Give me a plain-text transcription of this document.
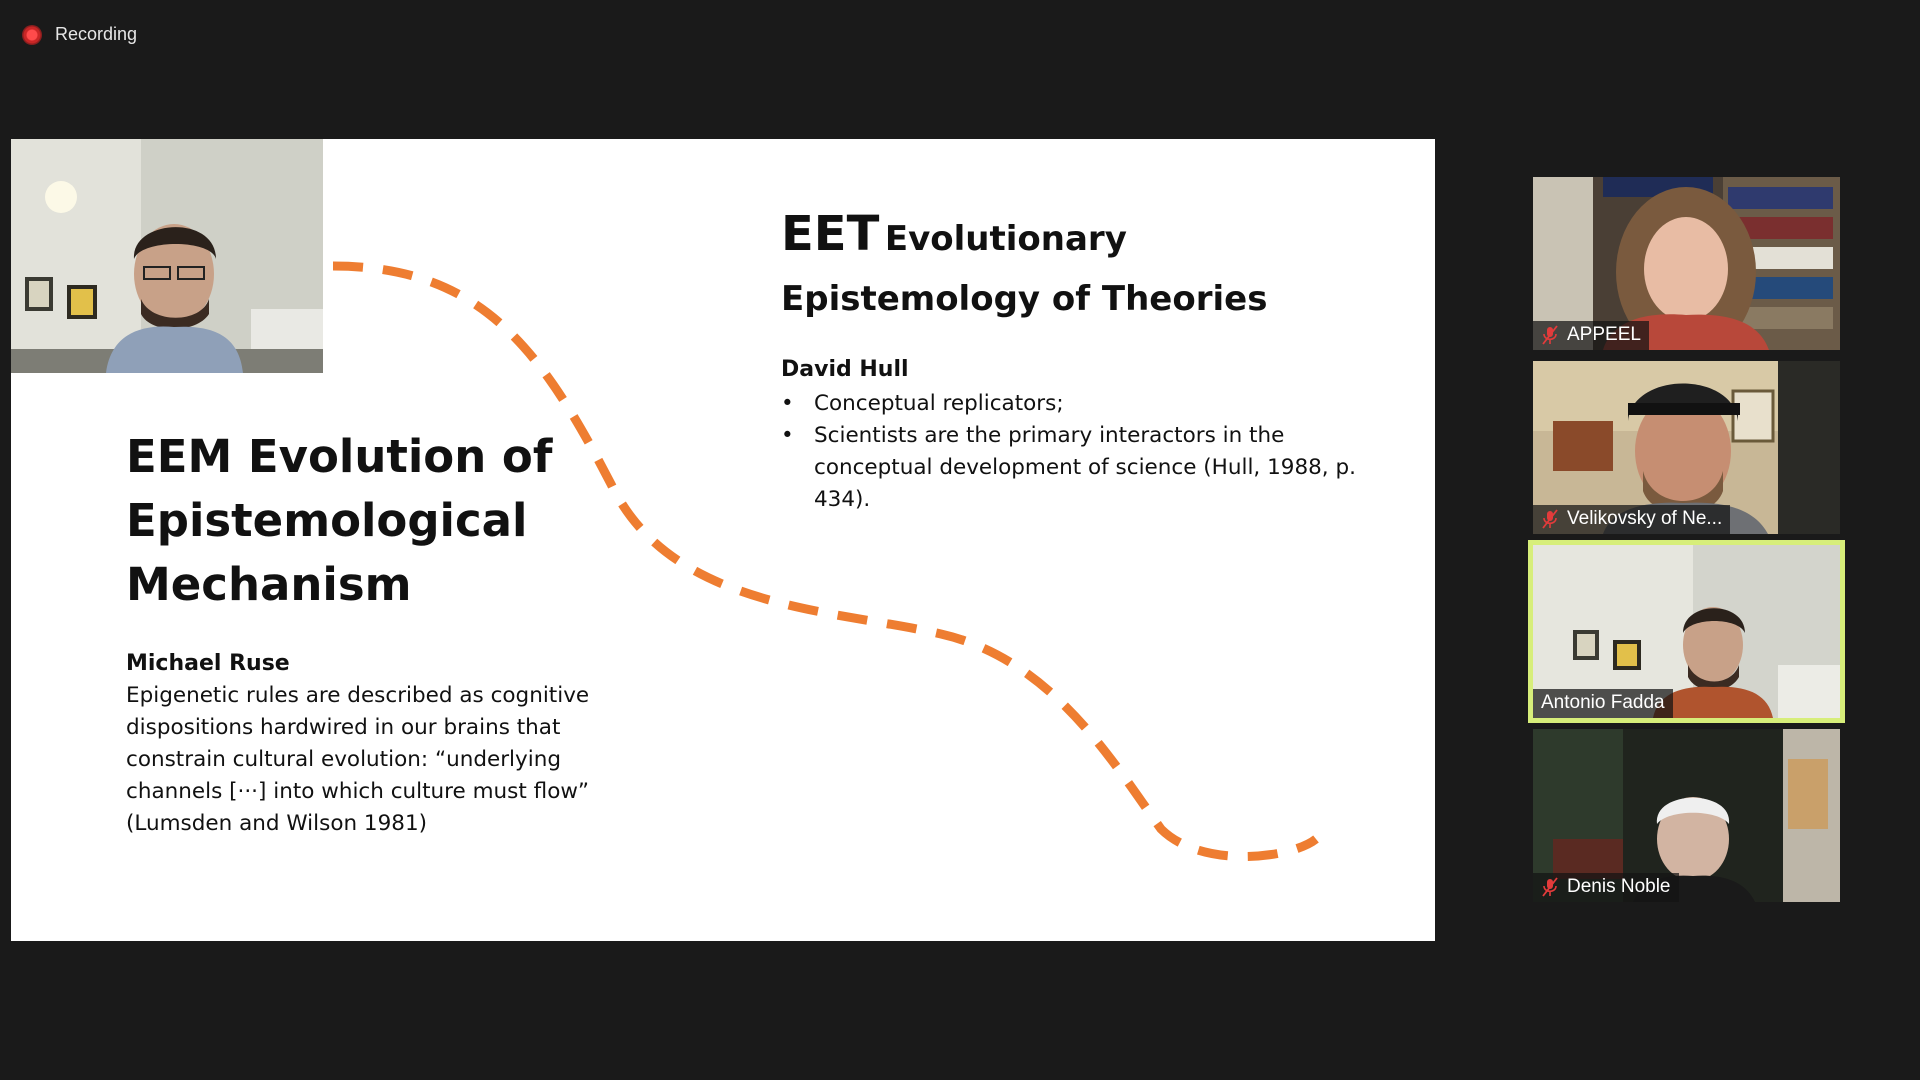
Recording
EEM Evolution of Epistemological Mechanism
Michael Ruse
Epigenetic rules are described as cognitive dispositions hardwired in our brains that constrain cultural evolution: “underlying channels [···] into which culture must flow” (Lumsden and Wilson 1981)
EET Evolutionary Epistemology of Theories
David Hull
• Conceptual replicators;
• Scientists are the primary interactors in the conceptual development of science (Hull, 1988, p. 434).
APPEEL
Velikovsky of Ne...
Antonio Fadda
Denis Noble
